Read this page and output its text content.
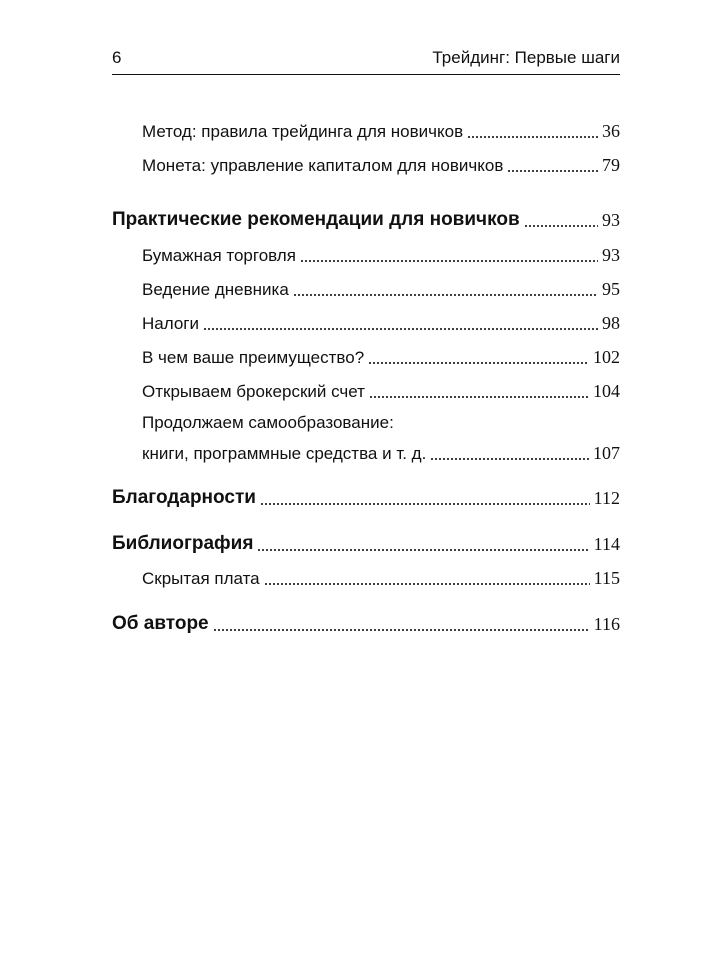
6	Трейдинг: Первые шаги
Метод: правила трейдинга для новичков	36
Монета: управление капиталом для новичков	79
Практические рекомендации для новичков	93
Бумажная торговля	93
Ведение дневника	95
Налоги	98
В чем ваше преимущество?	102
Открываем брокерский счет	104
Продолжаем самообразование:
книги, программные средства и т. д.	107
Благодарности	112
Библиография	114
Скрытая плата	115
Об авторе	116
